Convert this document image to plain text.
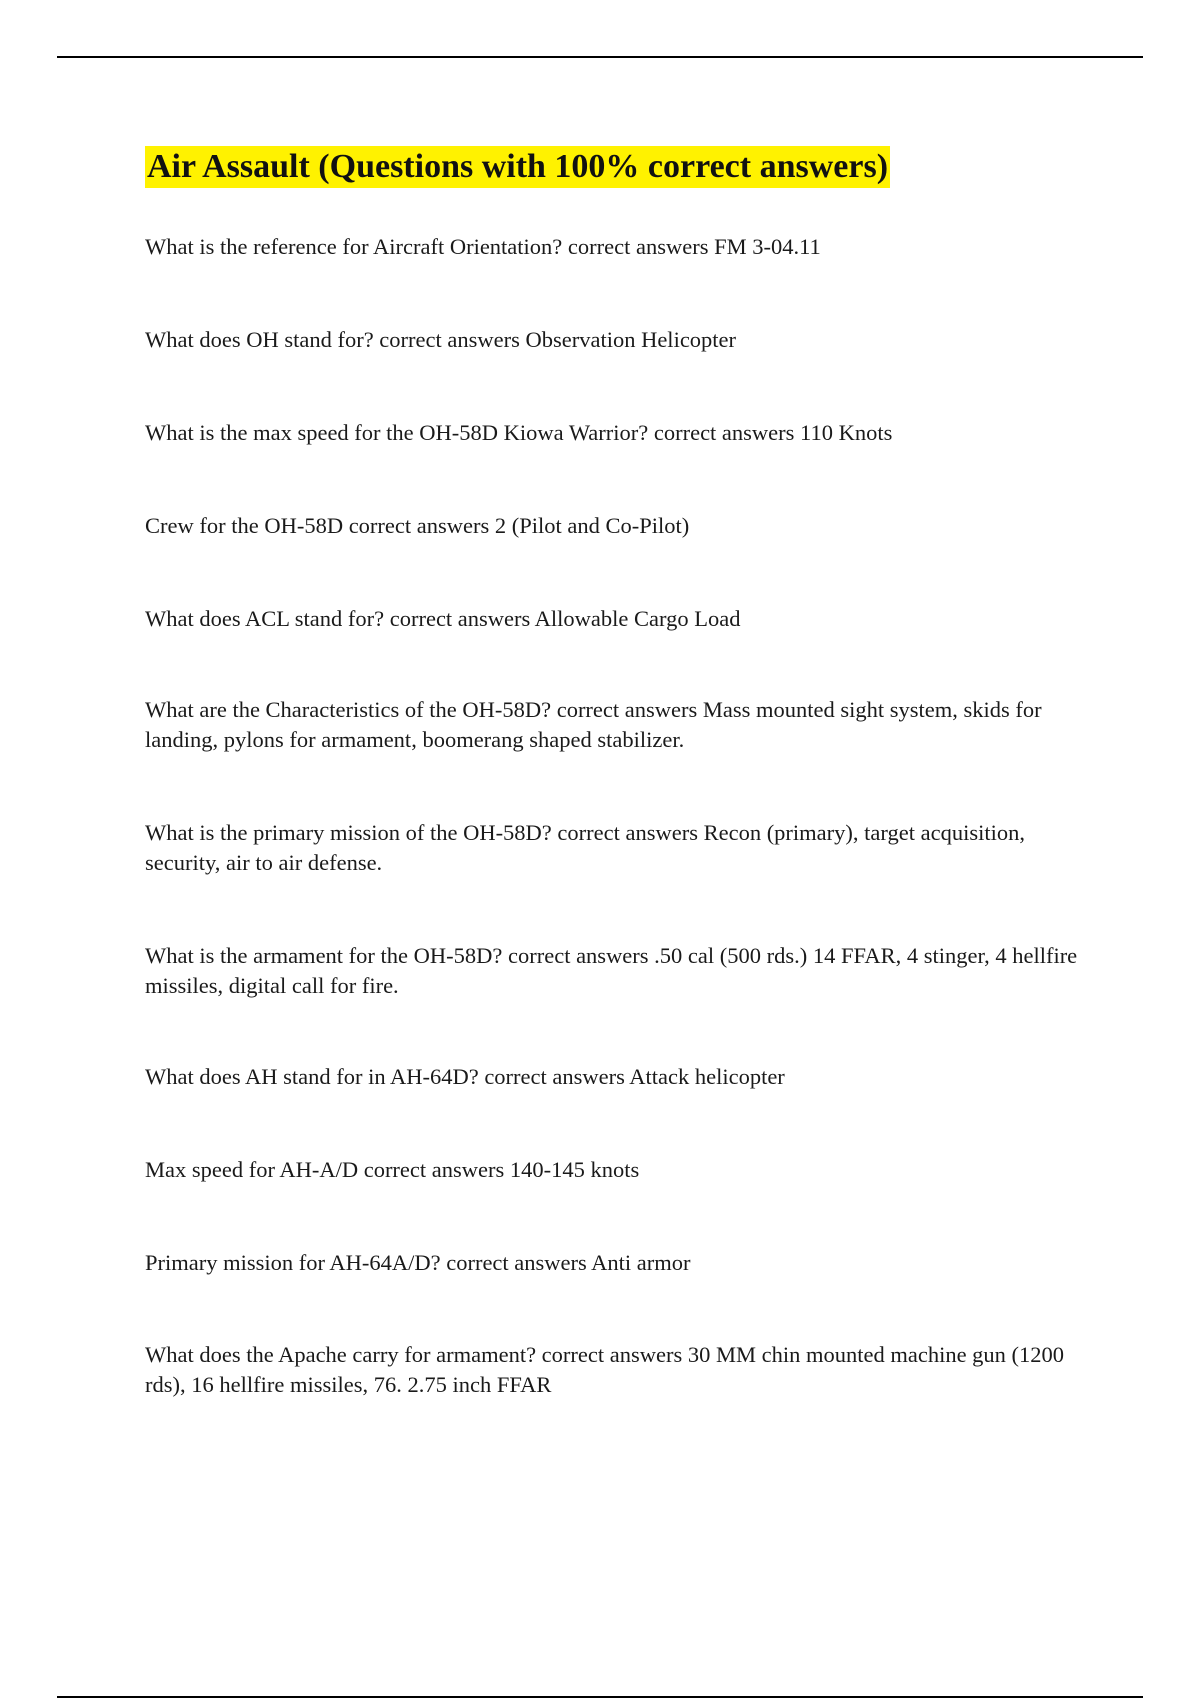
Air Assault (Questions with 100% correct answers)
What is the reference for Aircraft Orientation? correct answers FM 3-04.11
What does OH stand for? correct answers Observation Helicopter
What is the max speed for the OH-58D Kiowa Warrior? correct answers 110 Knots
Crew for the OH-58D correct answers 2 (Pilot and Co-Pilot)
What does ACL stand for? correct answers Allowable Cargo Load
What are the Characteristics of the OH-58D? correct answers Mass mounted sight system, skids for landing, pylons for armament, boomerang shaped stabilizer.
What is the primary mission of the OH-58D? correct answers Recon (primary), target acquisition, security, air to air defense.
What is the armament for the OH-58D? correct answers .50 cal (500 rds.) 14 FFAR, 4 stinger, 4 hellfire missiles, digital call for fire.
What does AH stand for in AH-64D? correct answers Attack helicopter
Max speed for AH-A/D correct answers 140-145 knots
Primary mission for AH-64A/D? correct answers Anti armor
What does the Apache carry for armament? correct answers 30 MM chin mounted machine gun (1200 rds), 16 hellfire missiles, 76. 2.75 inch FFAR
